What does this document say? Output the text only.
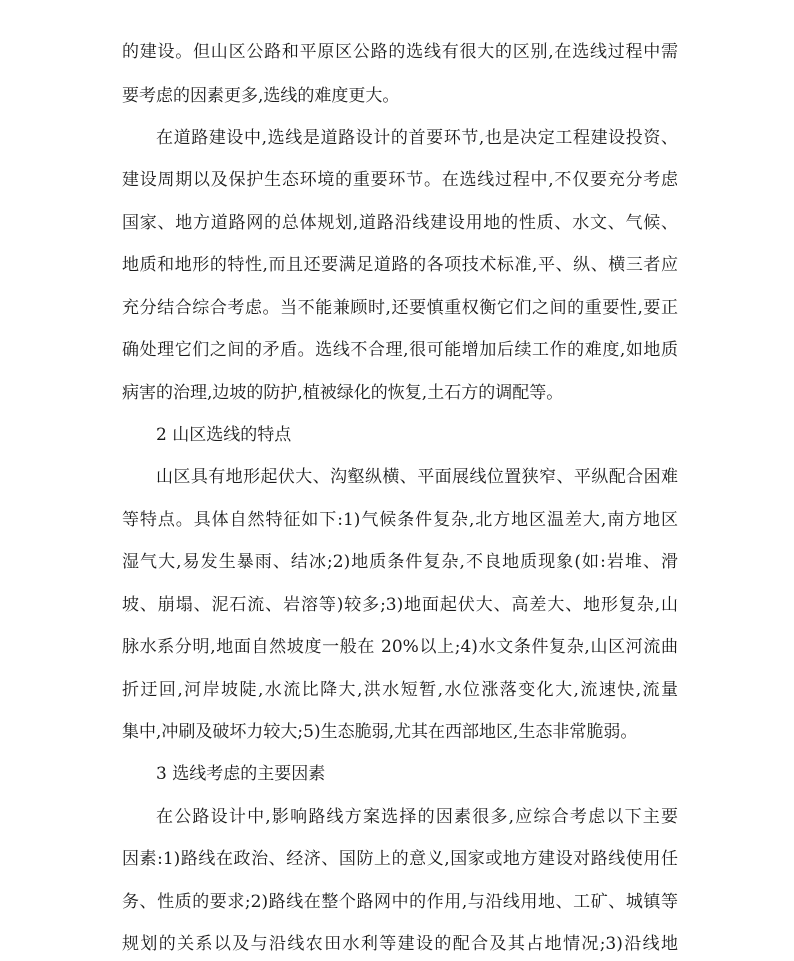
的建设。但山区公路和平原区公路的选线有很大的区别,在选线过程中需
要考虑的因素更多,选线的难度更大。
在道路建设中,选线是道路设计的首要环节,也是决定工程建设投资、
建设周期以及保护生态环境的重要环节。在选线过程中,不仅要充分考虑
国家、地方道路网的总体规划,道路沿线建设用地的性质、水文、气候、
地质和地形的特性,而且还要满足道路的各项技术标准,平、纵、横三者应
充分结合综合考虑。当不能兼顾时,还要慎重权衡它们之间的重要性,要正
确处理它们之间的矛盾。选线不合理,很可能增加后续工作的难度,如地质
病害的治理,边坡的防护,植被绿化的恢复,土石方的调配等。
2 山区选线的特点
山区具有地形起伏大、沟壑纵横、平面展线位置狭窄、平纵配合困难
等特点。具体自然特征如下:1)气候条件复杂,北方地区温差大,南方地区
湿气大,易发生暴雨、结冰;2)地质条件复杂,不良地质现象(如:岩堆、滑
坡、崩塌、泥石流、岩溶等)较多;3)地面起伏大、高差大、地形复杂,山
脉水系分明,地面自然坡度一般在 20%以上;4)水文条件复杂,山区河流曲
折迂回,河岸坡陡,水流比降大,洪水短暂,水位涨落变化大,流速快,流量
集中,冲刷及破坏力较大;5)生态脆弱,尤其在西部地区,生态非常脆弱。
3 选线考虑的主要因素
在公路设计中,影响路线方案选择的因素很多,应综合考虑以下主要
因素:1)路线在政治、经济、国防上的意义,国家或地方建设对路线使用任
务、性质的要求;2)路线在整个路网中的作用,与沿线用地、工矿、城镇等
规划的关系以及与沿线农田水利等建设的配合及其占地情况;3)沿线地
